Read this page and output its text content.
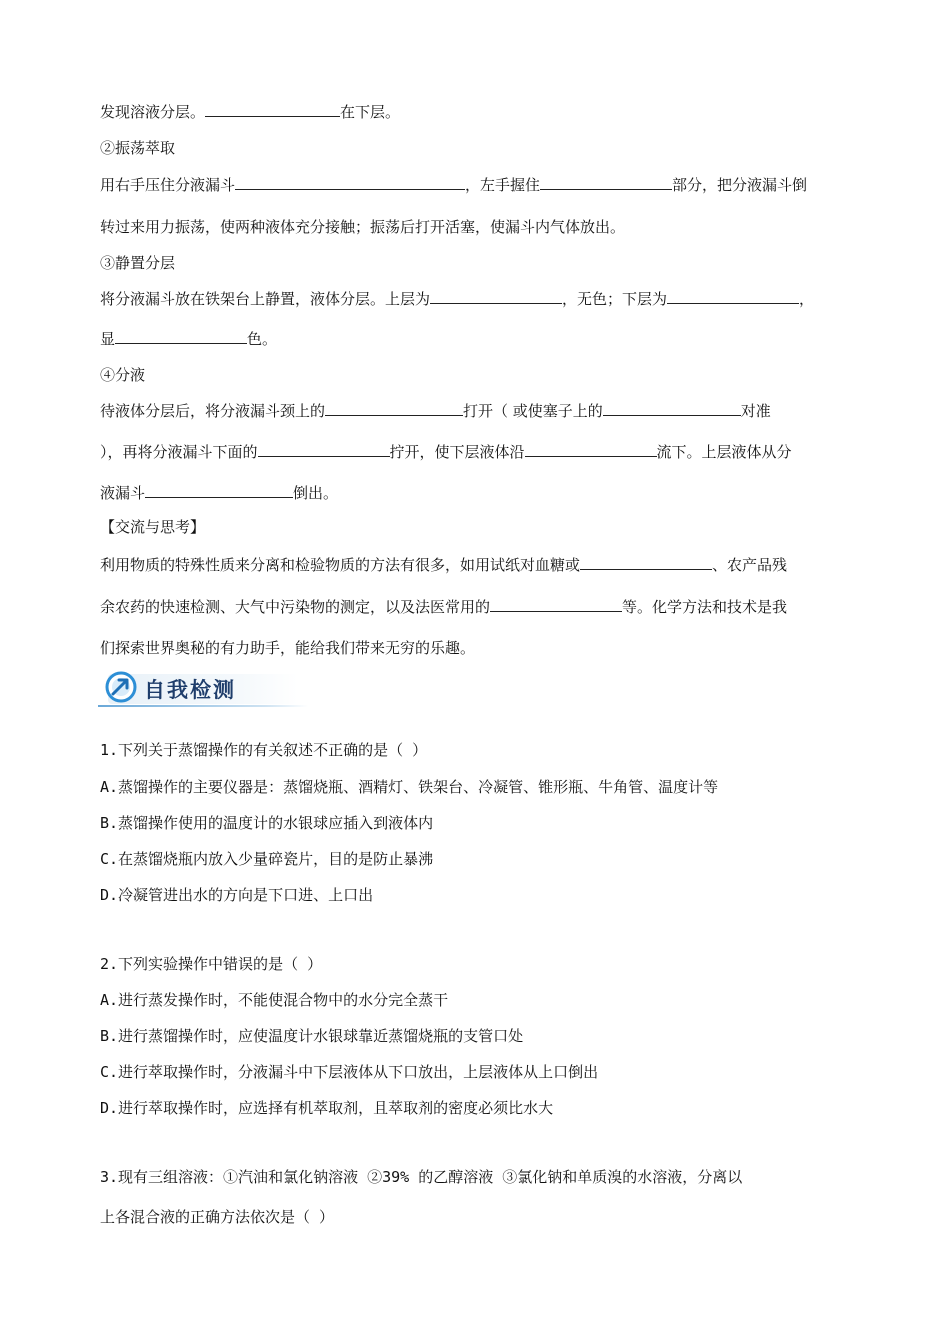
发现溶液分层。	在下层。
②振荡萃取
用右手压住分液漏斗	，左手握住	部分，把分液漏斗倒
转过来用力振荡，使两种液体充分接触；振荡后打开活塞，使漏斗内气体放出。
③静置分层
将分液漏斗放在铁架台上静置，液体分层。上层为	，无色；下层为	，
显	色。
④分液
待液体分层后，将分液漏斗颈上的	打开（ 或使塞子上的	对准
），再将分液漏斗下面的	拧开，使下层液体沿	流下。上层液体从分
液漏斗	倒出。
【交流与思考】
利用物质的特殊性质来分离和检验物质的方法有很多，如用试纸对血糖或	、农产品残
余农药的快速检测、大气中污染物的测定，以及法医常用的	等。化学方法和技术是我
们探索世界奥秘的有力助手，能给我们带来无穷的乐趣。
自我检测
1.下列关于蒸馏操作的有关叙述不正确的是（ ）
A.蒸馏操作的主要仪器是：蒸馏烧瓶、酒精灯、铁架台、冷凝管、锥形瓶、牛角管、温度计等
B.蒸馏操作使用的温度计的水银球应插入到液体内
C.在蒸馏烧瓶内放入少量碎瓷片，目的是防止暴沸
D.冷凝管进出水的方向是下口进、上口出
2.下列实验操作中错误的是（ ）
A.进行蒸发操作时，不能使混合物中的水分完全蒸干
B.进行蒸馏操作时，应使温度计水银球靠近蒸馏烧瓶的支管口处
C.进行萃取操作时，分液漏斗中下层液体从下口放出，上层液体从上口倒出
D.进行萃取操作时，应选择有机萃取剂，且萃取剂的密度必须比水大
3.现有三组溶液：①汽油和氯化钠溶液 ②39% 的乙醇溶液 ③氯化钠和单质溴的水溶液，分离以
上各混合液的正确方法依次是（ ）
